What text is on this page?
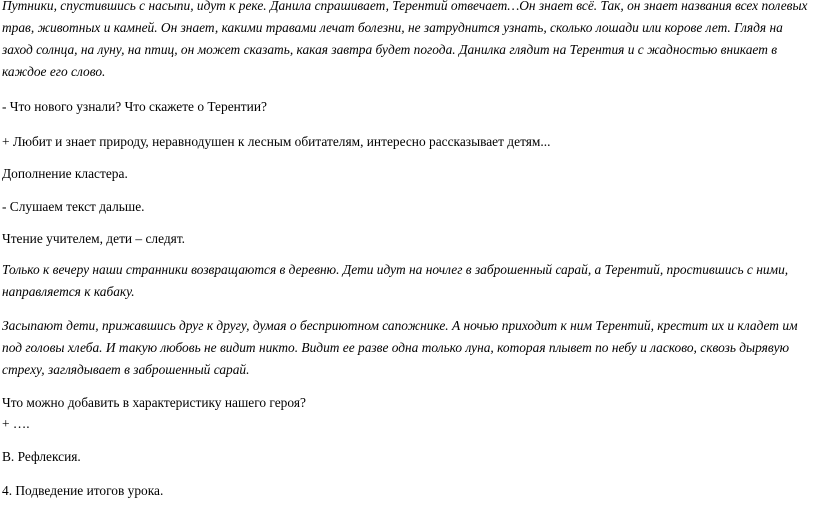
Путники, спустившись с насыпи, идут к реке. Данила спрашивает, Терентий отвечает…Он знает всё. Так, он знает названия всех полевых трав, животных и камней. Он знает, какими травами лечат болезни, не затруднится узнать, сколько лошади или корове лет. Глядя на заход солнца, на луну, на птиц, он может сказать, какая завтра будет погода. Данилка глядит на Терентия и с жадностью вникает в каждое его слово.

- Что нового узнали? Что скажете о Терентии?

+ Любит и знает природу, неравнодушен к лесным обитателям, интересно рассказывает детям...

Дополнение кластера.

- Слушаем текст дальше.

Чтение учителем, дети – следят.

Только к вечеру наши странники возвращаются в деревню. Дети идут на ночлег в заброшенный сарай, а Терентий, простившись с ними, направляется к кабаку.

Засыпают дети, прижавшись друг к другу, думая о бесприютном сапожнике. А ночью приходит к ним Терентий, крестит их и кладет им под головы хлеба. И такую любовь не видит никто. Видит ее разве одна только луна, которая плывет по небу и ласково, сквозь дырявую стреху, заглядывает в заброшенный сарай.

Что можно добавить в характеристику нашего героя?

+ ….

В. Рефлексия.

4. Подведение итогов урока.
